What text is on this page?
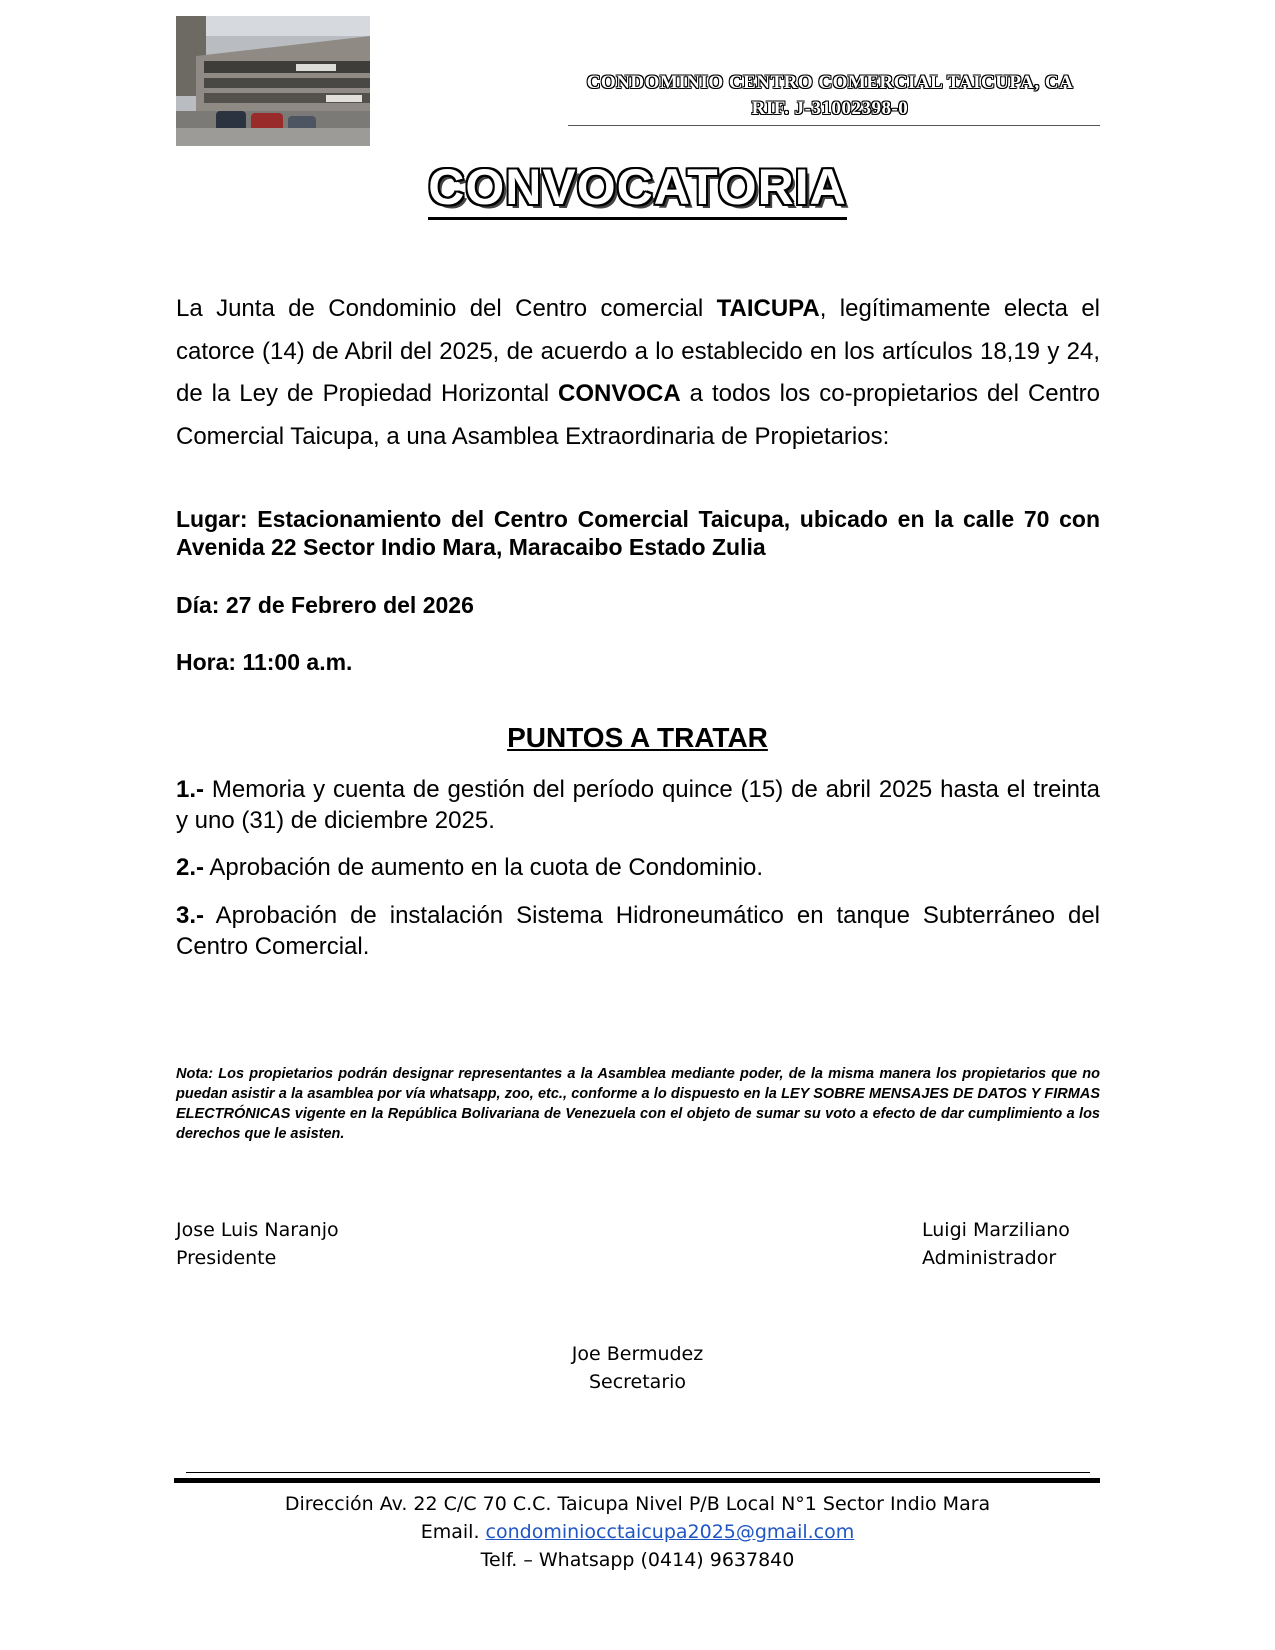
CONDOMINIO CENTRO COMERCIAL TAICUPA, CA
RIF. J-31002398-0
CONVOCATORIA
La Junta de Condominio del Centro comercial TAICUPA, legítimamente electa el catorce (14) de Abril del 2025, de acuerdo a lo establecido en los artículos 18,19 y 24, de la Ley de Propiedad Horizontal CONVOCA a todos los co-propietarios del Centro Comercial Taicupa, a una Asamblea Extraordinaria de Propietarios:
Lugar: Estacionamiento del Centro Comercial Taicupa, ubicado en la calle 70 con Avenida 22 Sector Indio Mara, Maracaibo Estado Zulia
Día: 27 de Febrero del 2026
Hora: 11:00 a.m.
PUNTOS A TRATAR
1.- Memoria y cuenta de gestión del período quince (15) de abril 2025 hasta el treinta y uno (31) de diciembre 2025.
2.- Aprobación de aumento en la cuota de Condominio.
3.- Aprobación de instalación Sistema Hidroneumático en tanque Subterráneo del Centro Comercial.
Nota: Los propietarios podrán designar representantes a la Asamblea mediante poder, de la misma manera los propietarios que no puedan asistir a la asamblea por vía whatsapp, zoo, etc., conforme a lo dispuesto en la LEY SOBRE MENSAJES DE DATOS Y FIRMAS ELECTRÓNICAS vigente en la República Bolivariana de Venezuela con el objeto de sumar su voto a efecto de dar cumplimiento a los derechos que le asisten.
Jose Luis Naranjo
Presidente
Luigi Marziliano
Administrador
Joe Bermudez
Secretario
Dirección Av. 22 C/C 70 C.C. Taicupa Nivel P/B Local N°1 Sector Indio Mara
Email. condominiocctaicupa2025@gmail.com
Telf. – Whatsapp (0414) 9637840
